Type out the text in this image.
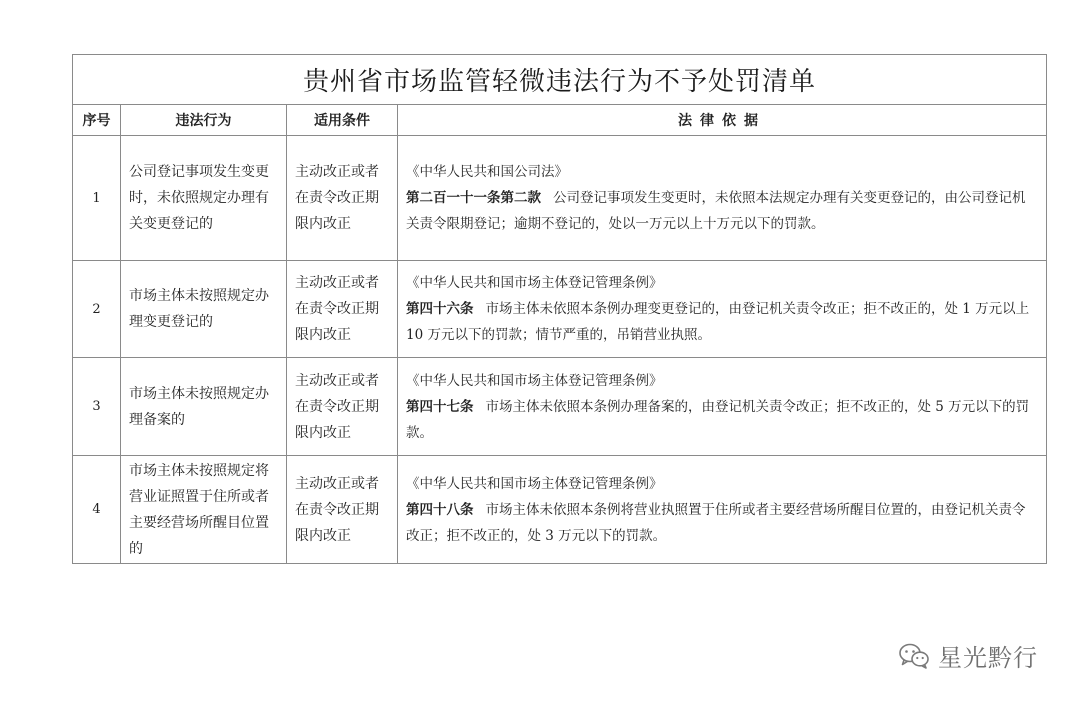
贵州省市场监管轻微违法行为不予处罚清单			
序号	违法行为	适用条件	法律依据
1	公司登记事项发生变更时，未依照规定办理有关变更登记的	主动改正或者在责令改正期限内改正	《中华人民共和国公司法》
第二百一十一条第二款 公司登记事项发生变更时，未依照本法规定办理有关变更登记的，由公司登记机关责令限期登记；逾期不登记的，处以一万元以上十万元以下的罚款。

2	市场主体未按照规定办理变更登记的	主动改正或者在责令改正期限内改正	《中华人民共和国市场主体登记管理条例》
第四十六条 市场主体未依照本条例办理变更登记的，由登记机关责令改正；拒不改正的，处 1 万元以上 10 万元以下的罚款；情节严重的，吊销营业执照。

3	市场主体未按照规定办理备案的	主动改正或者在责令改正期限内改正	《中华人民共和国市场主体登记管理条例》
第四十七条 市场主体未依照本条例办理备案的，由登记机关责令改正；拒不改正的，处 5 万元以下的罚款。

4	市场主体未按照规定将营业证照置于住所或者主要经营场所醒目位置的	主动改正或者在责令改正期限内改正	《中华人民共和国市场主体登记管理条例》
第四十八条 市场主体未依照本条例将营业执照置于住所或者主要经营场所醒目位置的，由登记机关责令改正；拒不改正的，处 3 万元以下的罚款。
星光黔行
